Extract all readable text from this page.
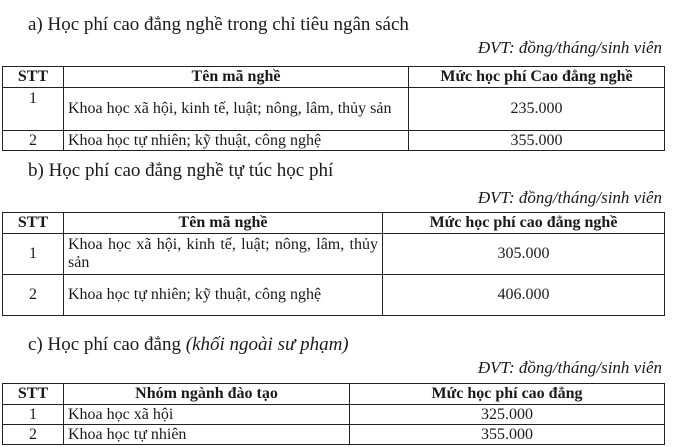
a) Học phí cao đẳng nghề trong chỉ tiêu ngân sách
ĐVT: đồng/tháng/sinh viên
STT	Tên mã nghề	Mức học phí Cao đẳng nghề
1	Khoa học xã hội, kinh tế, luật; nông, lâm, thủy sản	235.000
2	Khoa học tự nhiên; kỹ thuật, công nghệ	355.000
b) Học phí cao đẳng nghề tự túc học phí
ĐVT: đồng/tháng/sinh viên
STT	Tên mã nghề	Mức học phí cao đẳng nghề
1	Khoa học xã hội, kinh tế, luật; nông, lâm, thủy sản	305.000
2	Khoa học tự nhiên; kỹ thuật, công nghệ	406.000
c) Học phí cao đẳng (khối ngoài sư phạm)
ĐVT: đồng/tháng/sinh viên
STT	Nhóm ngành đào tạo	Mức học phí cao đẳng
1	Khoa học xã hội	325.000
2	Khoa học tự nhiên	355.000
